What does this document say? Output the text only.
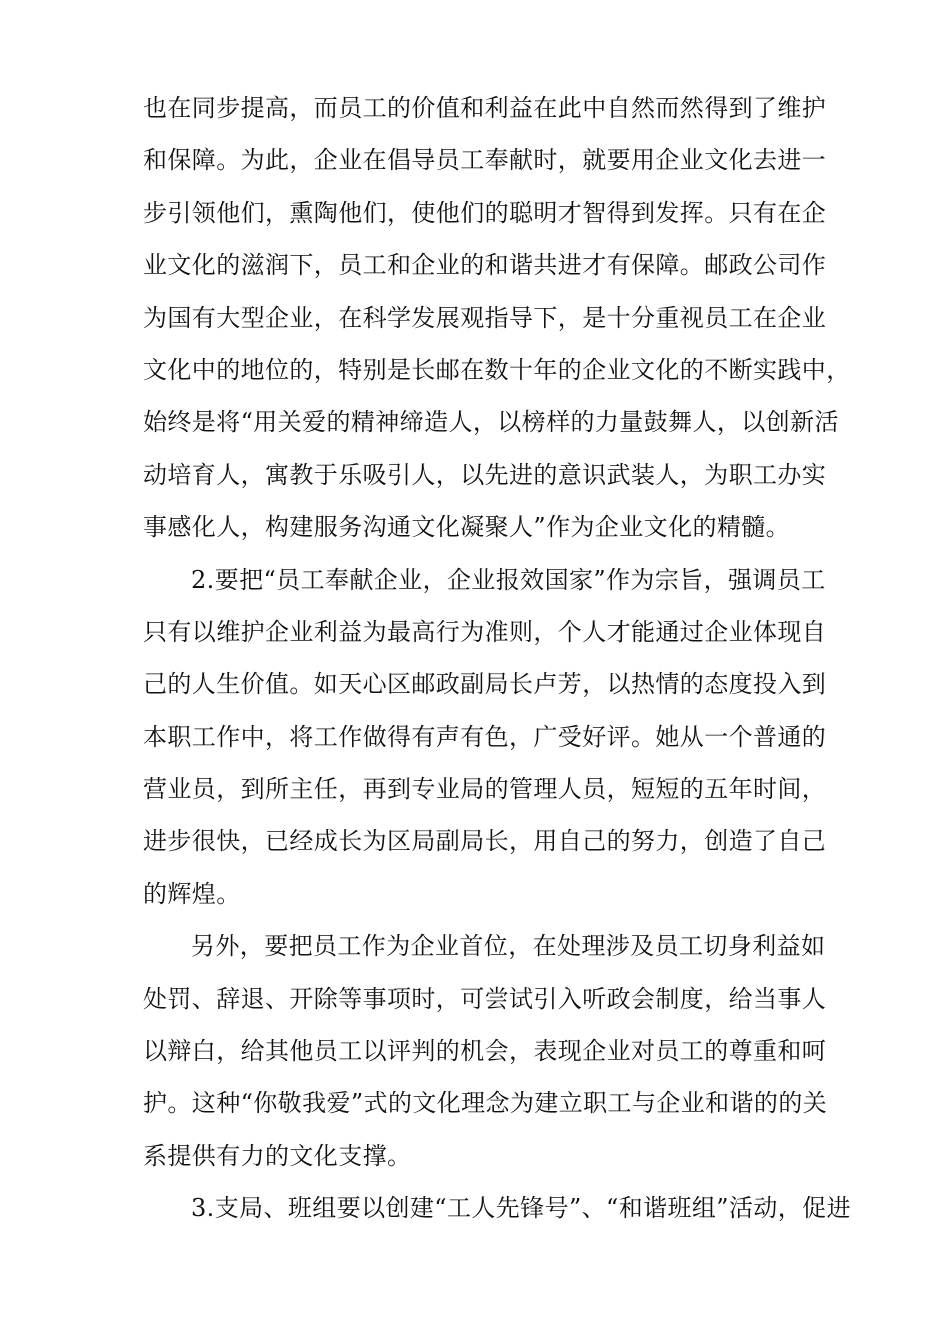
也在同步提高，而员工的价值和利益在此中自然而然得到了维护
和保障。为此，企业在倡导员工奉献时，就要用企业文化去进一
步引领他们，熏陶他们，使他们的聪明才智得到发挥。只有在企
业文化的滋润下，员工和企业的和谐共进才有保障。邮政公司作
为国有大型企业，在科学发展观指导下，是十分重视员工在企业
文化中的地位的，特别是长邮在数十年的企业文化的不断实践中，
始终是将“用关爱的精神缔造人，以榜样的力量鼓舞人，以创新活
动培育人，寓教于乐吸引人，以先进的意识武装人，为职工办实
事感化人，构建服务沟通文化凝聚人”作为企业文化的精髓。
2.要把“员工奉献企业，企业报效国家”作为宗旨，强调员工
只有以维护企业利益为最高行为准则，个人才能通过企业体现自
己的人生价值。如天心区邮政副局长卢芳，以热情的态度投入到
本职工作中，将工作做得有声有色，广受好评。她从一个普通的
营业员，到所主任，再到专业局的管理人员，短短的五年时间，
进步很快，已经成长为区局副局长，用自己的努力，创造了自己
的辉煌。
另外，要把员工作为企业首位，在处理涉及员工切身利益如
处罚、辞退、开除等事项时，可尝试引入听政会制度，给当事人
以辩白，给其他员工以评判的机会，表现企业对员工的尊重和呵
护。这种“你敬我爱”式的文化理念为建立职工与企业和谐的的关
系提供有力的文化支撑。
3.支局、班组要以创建“工人先锋号”、“和谐班组”活动，促进
